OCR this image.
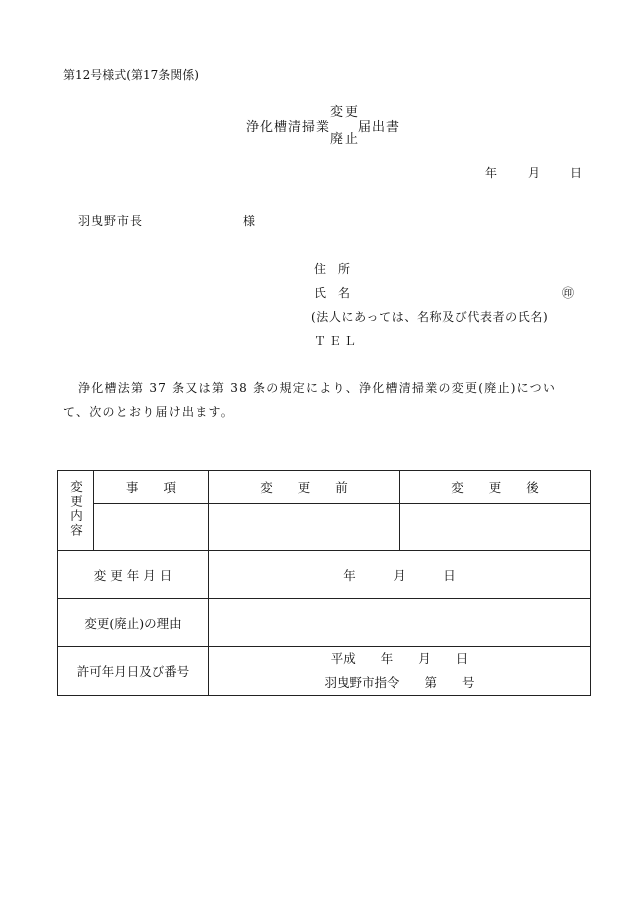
第12号様式(第17条関係)
変更
浄化槽清掃業 届出書
廃止
年	月 日
羽曳野市長	様
住　所
氏　名	㊞
(法人にあっては、名称及び代表者の氏名)
ＴＥＬ
浄化槽法第 37 条又は第 38 条の規定により、浄化槽清掃業の変更(廃止)につい
て、次のとおり届け出ます。
変更内容	事　　項	変　　更　　前	変　　更　　後

変 更 年 月 日		年　　　月　　　日	
変更(廃止)の理由			
許可年月日及び番号		平成　　年　　月　　日
羽曳野市指令　　第　　号	
